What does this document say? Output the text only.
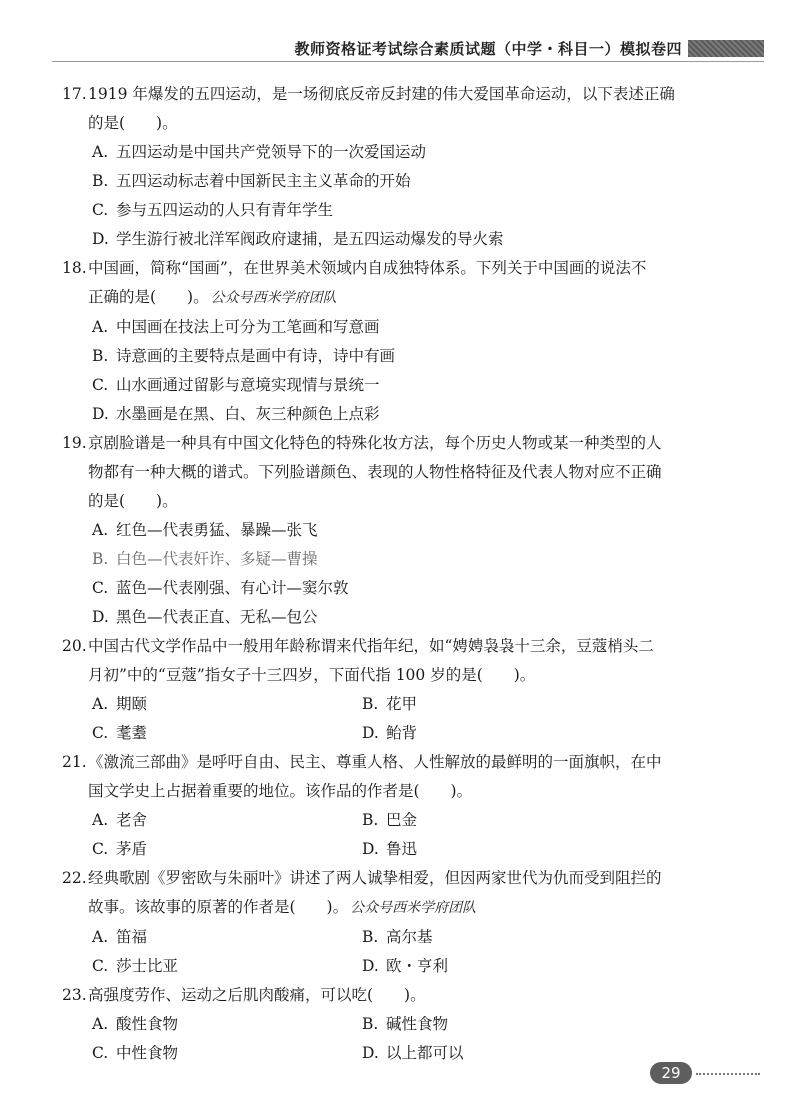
教师资格证考试综合素质试题（中学・科目一）模拟卷四
17.1919 年爆发的五四运动，是一场彻底反帝反封建的伟大爱国革命运动，以下表述正确
的是(　　)。
A. 五四运动是中国共产党领导下的一次爱国运动
B. 五四运动标志着中国新民主主义革命的开始
C. 参与五四运动的人只有青年学生
D. 学生游行被北洋军阀政府逮捕，是五四运动爆发的导火索
18.中国画，简称“国画”，在世界美术领域内自成独特体系。下列关于中国画的说法不
正确的是(　　)。 公众号西米学府团队
A. 中国画在技法上可分为工笔画和写意画
B. 诗意画的主要特点是画中有诗，诗中有画
C. 山水画通过留影与意境实现情与景统一
D. 水墨画是在黑、白、灰三种颜色上点彩
19.京剧脸谱是一种具有中国文化特色的特殊化妆方法，每个历史人物或某一种类型的人
物都有一种大概的谱式。下列脸谱颜色、表现的人物性格特征及代表人物对应不正确
的是(　　)。
A. 红色—代表勇猛、暴躁—张飞
B. 白色—代表奸诈、多疑—曹操
C. 蓝色—代表刚强、有心计—窦尔敦
D. 黑色—代表正直、无私—包公
20.中国古代文学作品中一般用年龄称谓来代指年纪，如“娉娉袅袅十三余，豆蔻梢头二
月初”中的“豆蔻”指女子十三四岁，下面代指 100 岁的是(　　)。
A. 期颐	B. 花甲
C. 耄耋	D. 鲐背
21.《激流三部曲》是呼吁自由、民主、尊重人格、人性解放的最鲜明的一面旗帜，在中
国文学史上占据着重要的地位。该作品的作者是(　　)。
A. 老舍	B. 巴金
C. 茅盾	D. 鲁迅
22.经典歌剧《罗密欧与朱丽叶》讲述了两人诚挚相爱，但因两家世代为仇而受到阻拦的
故事。该故事的原著的作者是(　　)。 公众号西米学府团队
A. 笛福	B. 高尔基
C. 莎士比亚	D. 欧・亨利
23.高强度劳作、运动之后肌肉酸痛，可以吃(　　)。
A. 酸性食物	B. 碱性食物
C. 中性食物	D. 以上都可以
29
